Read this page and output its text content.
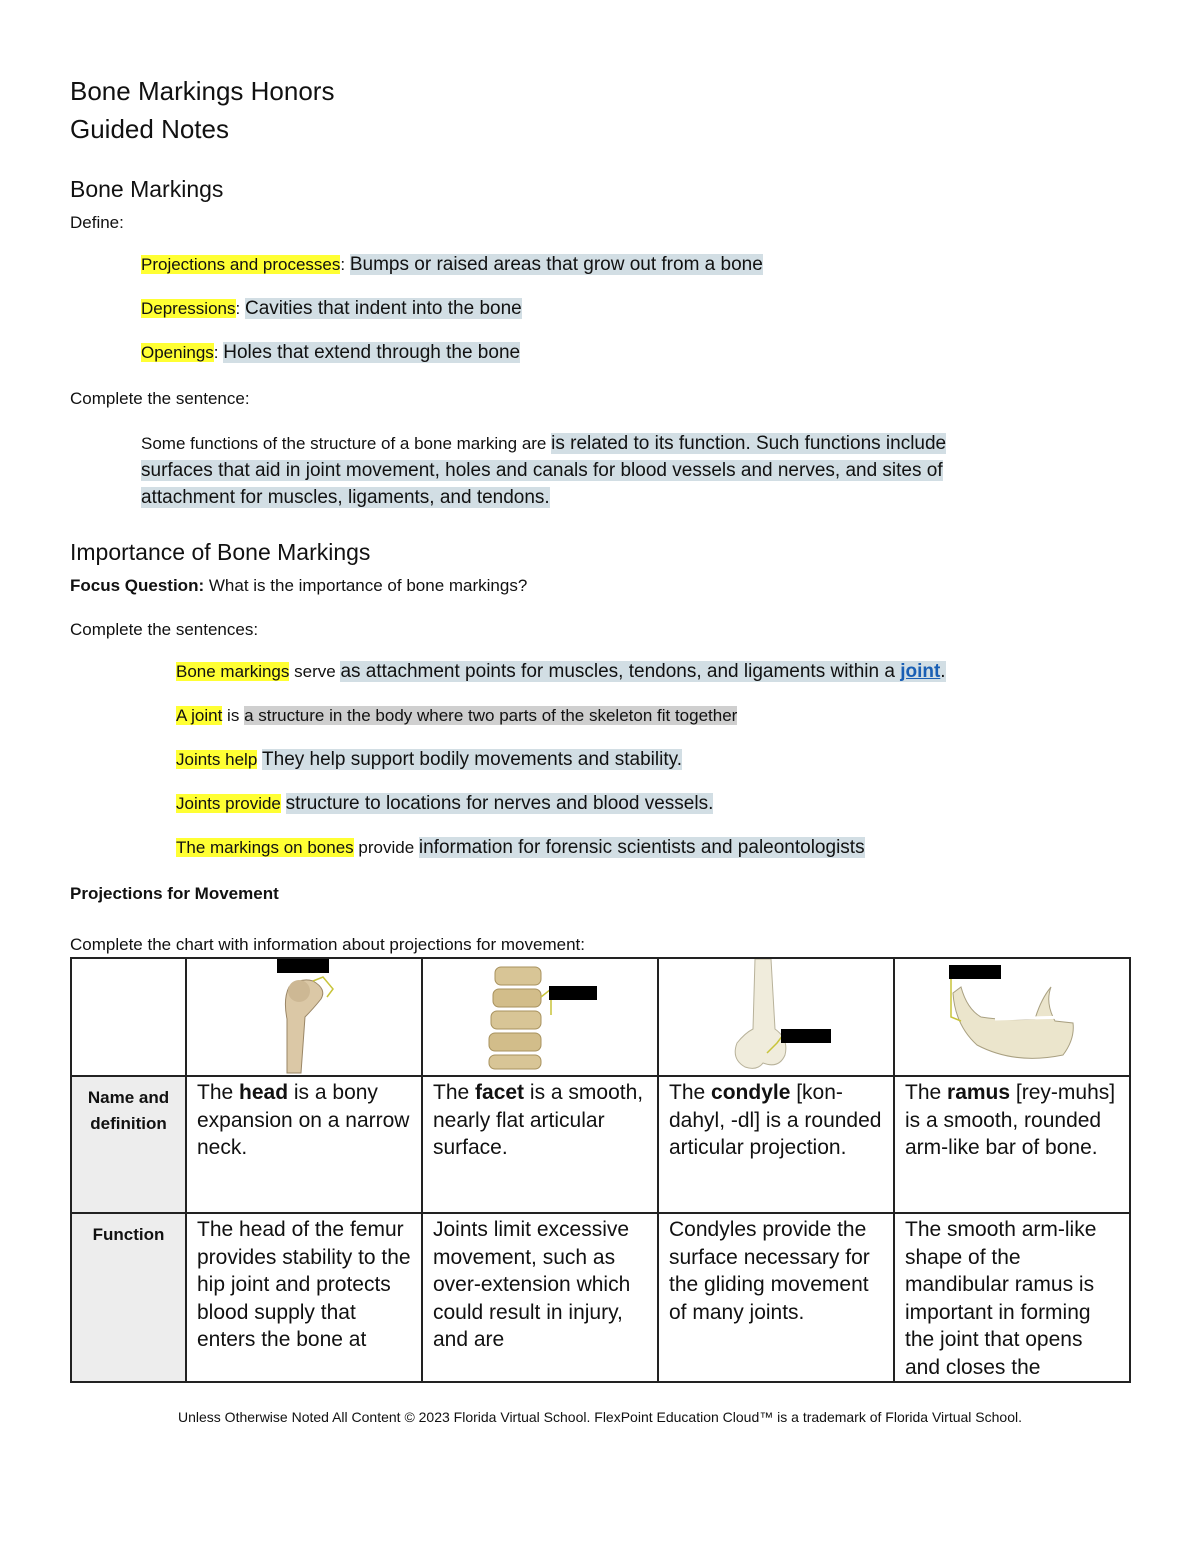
Bone Markings Honors
Guided Notes
Bone Markings
Define:
Projections and processes: Bumps or raised areas that grow out from a bone
Depressions: Cavities that indent into the bone
Openings: Holes that extend through the bone
Complete the sentence:
Some functions of the structure of a bone marking are is related to its function. Such functions include
surfaces that aid in joint movement, holes and canals for blood vessels and nerves, and sites of
attachment for muscles, ligaments, and tendons.
Importance of Bone Markings
Focus Question: What is the importance of bone markings?
Complete the sentences:
Bone markings serve as attachment points for muscles, tendons, and ligaments within a joint.
A joint is a structure in the body where two parts of the skeleton fit together
Joints help They help support bodily movements and stability.
Joints provide structure to locations for nerves and blood vessels.
The markings on bones provide information for forensic scientists and paleontologists
Projections for Movement
Complete the chart with information about projections for movement:

Name and definition	The head is a bony expansion on a narrow neck.	The facet is a smooth, nearly flat articular surface.	The condyle [kon-dahyl, -dl] is a rounded articular projection.	The ramus [rey-muhs] is a smooth, rounded arm-like bar of bone.
Function	The head of the femur provides stability to the hip joint and protects blood supply that enters the bone at	Joints limit excessive movement, such as over-extension which could result in injury, and are	Condyles provide the surface necessary for the gliding movement of many joints.	The smooth arm-like shape of the mandibular ramus is important in forming the joint that opens and closes the
Unless Otherwise Noted All Content © 2023 Florida Virtual School. FlexPoint Education Cloud™ is a trademark of Florida Virtual School.
